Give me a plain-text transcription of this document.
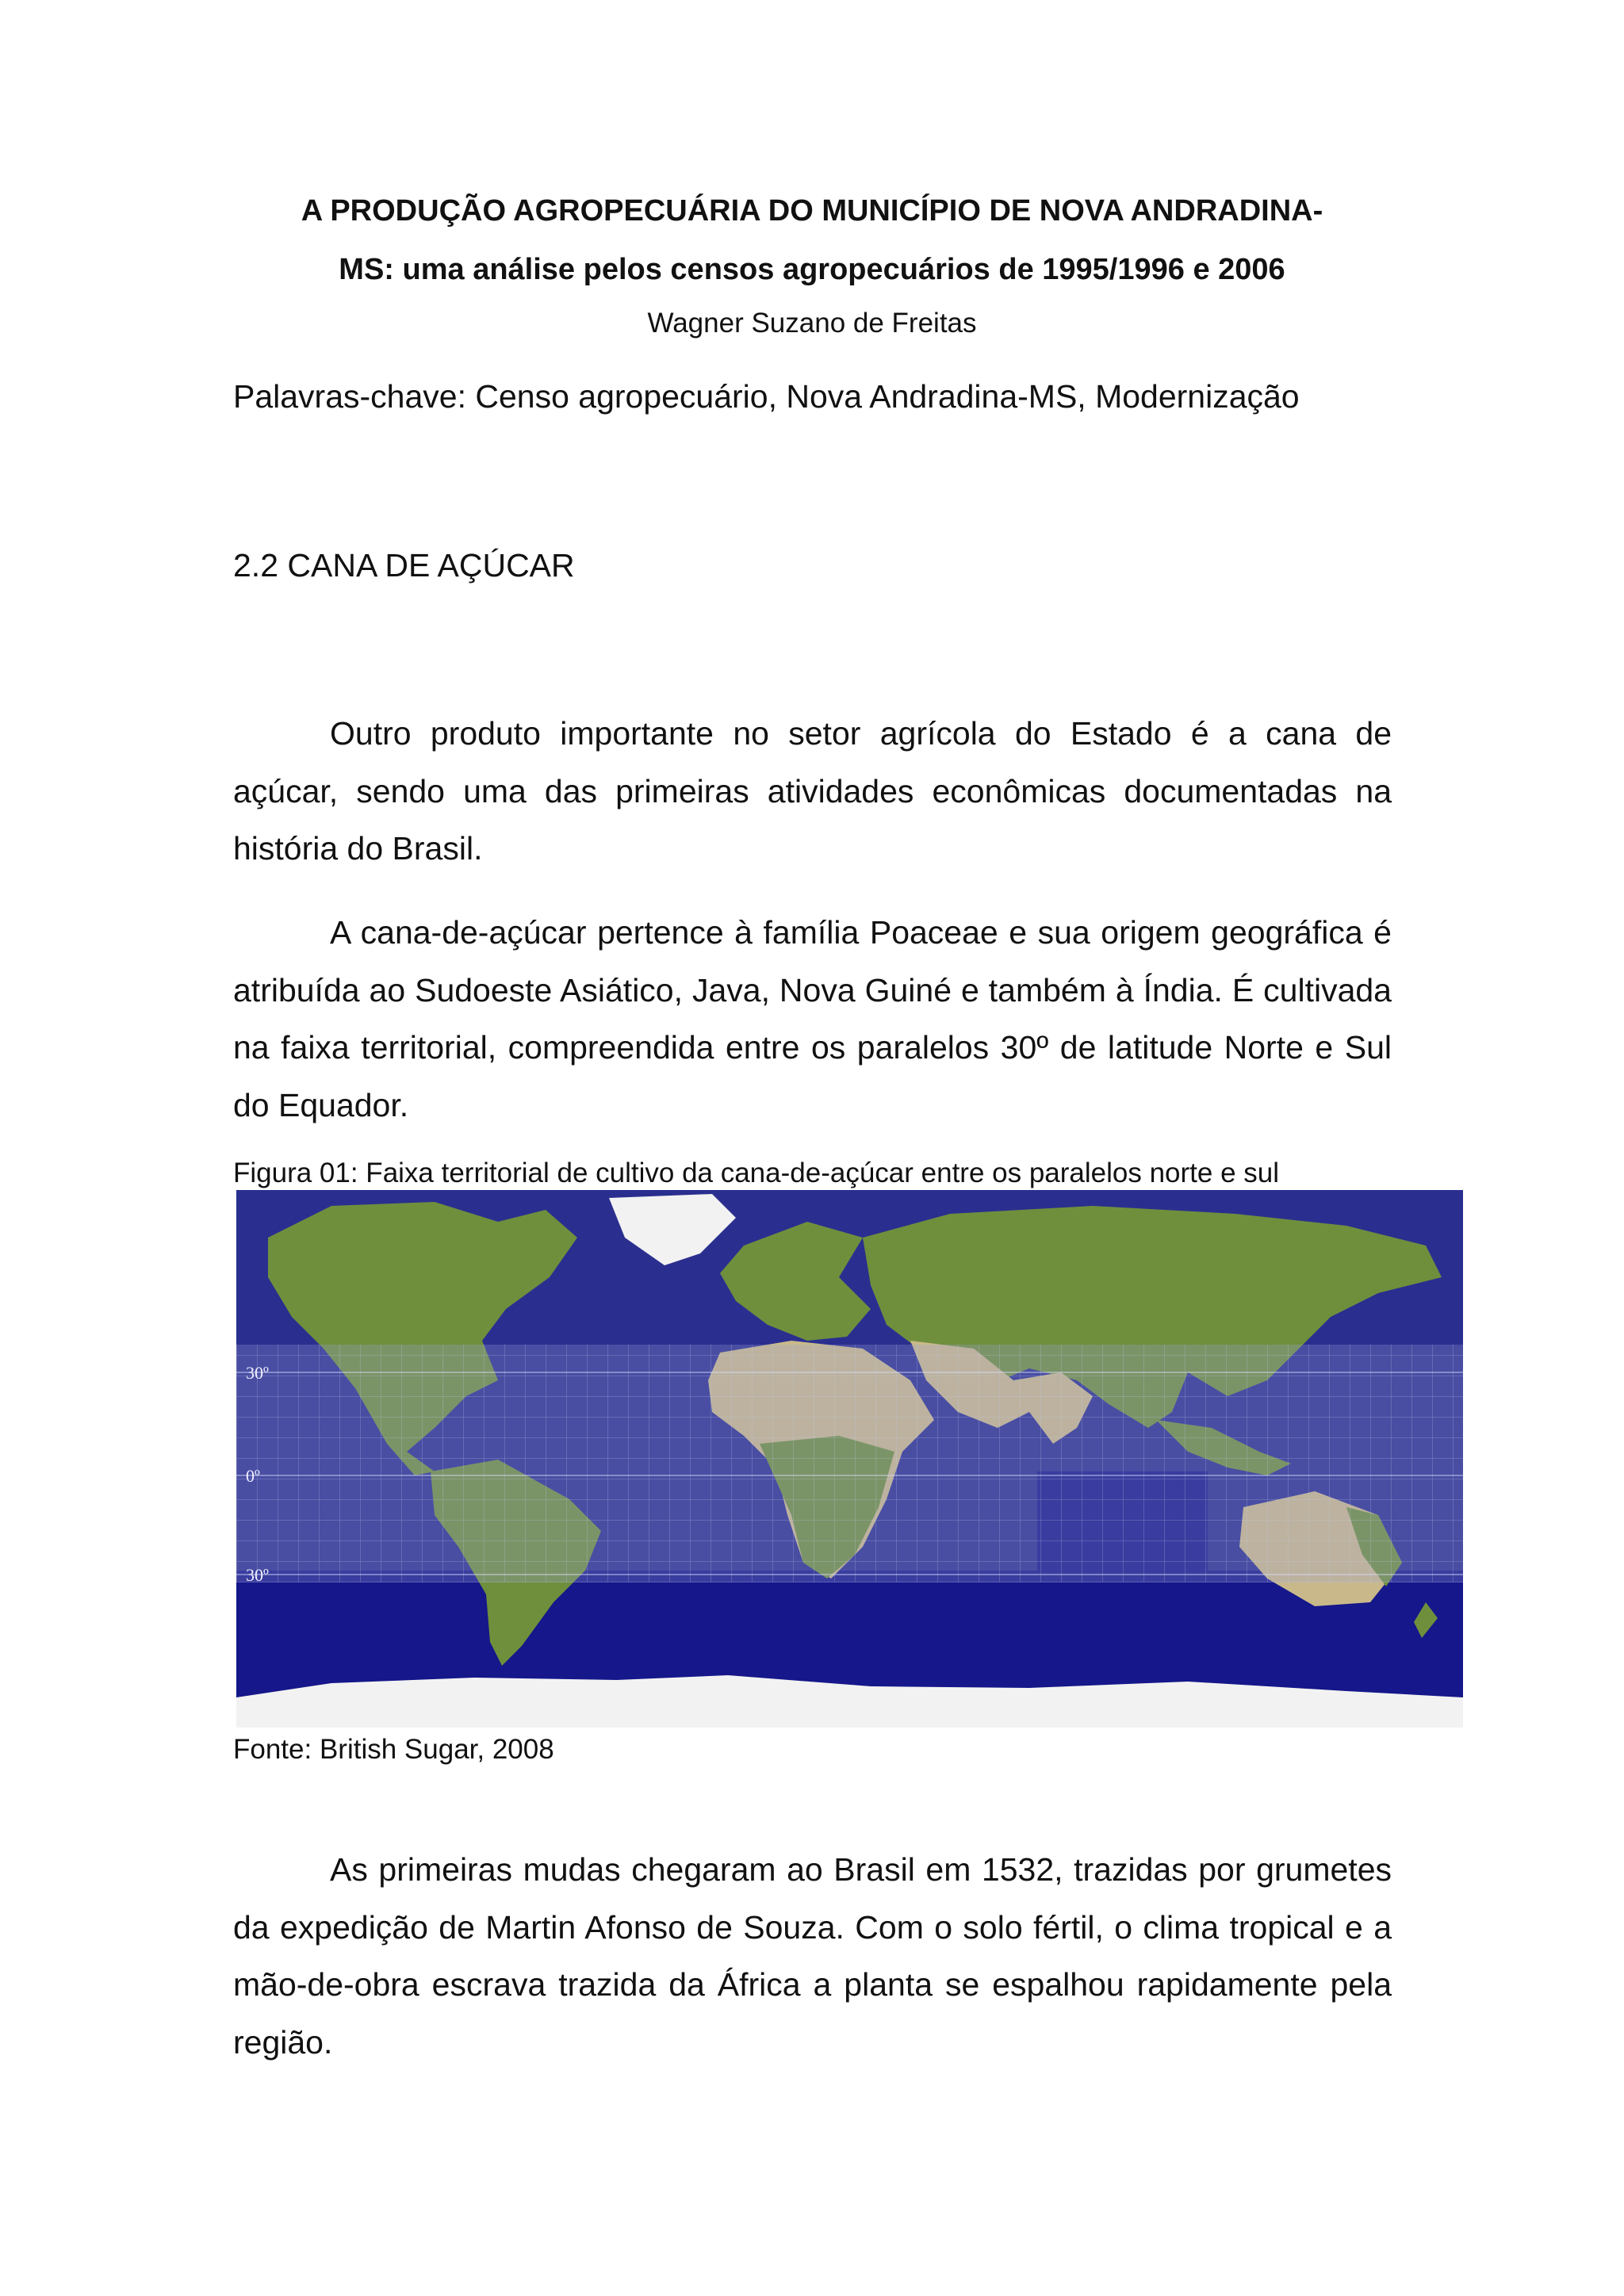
A PRODUÇÃO AGROPECUÁRIA DO MUNICÍPIO DE NOVA ANDRADINA-
MS: uma análise pelos censos agropecuários de 1995/1996 e 2006
Wagner Suzano de Freitas
Palavras-chave: Censo agropecuário, Nova Andradina-MS, Modernização
2.2 CANA DE AÇÚCAR
Outro produto importante no setor agrícola do Estado é a cana de açúcar, sendo uma das primeiras atividades econômicas documentadas na história do Brasil.
A cana-de-açúcar pertence à família Poaceae e sua origem geográfica é atribuída ao Sudoeste Asiático, Java, Nova Guiné e também à Índia. É cultivada na faixa territorial, compreendida entre os paralelos 30º de latitude Norte e Sul do Equador.
Figura 01: Faixa territorial de cultivo da cana-de-açúcar entre os paralelos norte e sul
30º
0º
30º
Fonte: British Sugar, 2008
As primeiras mudas chegaram ao Brasil em 1532, trazidas por grumetes da expedição de Martin Afonso de Souza. Com o solo fértil, o clima tropical e a mão-de-obra escrava trazida da África a planta se espalhou rapidamente pela região.
